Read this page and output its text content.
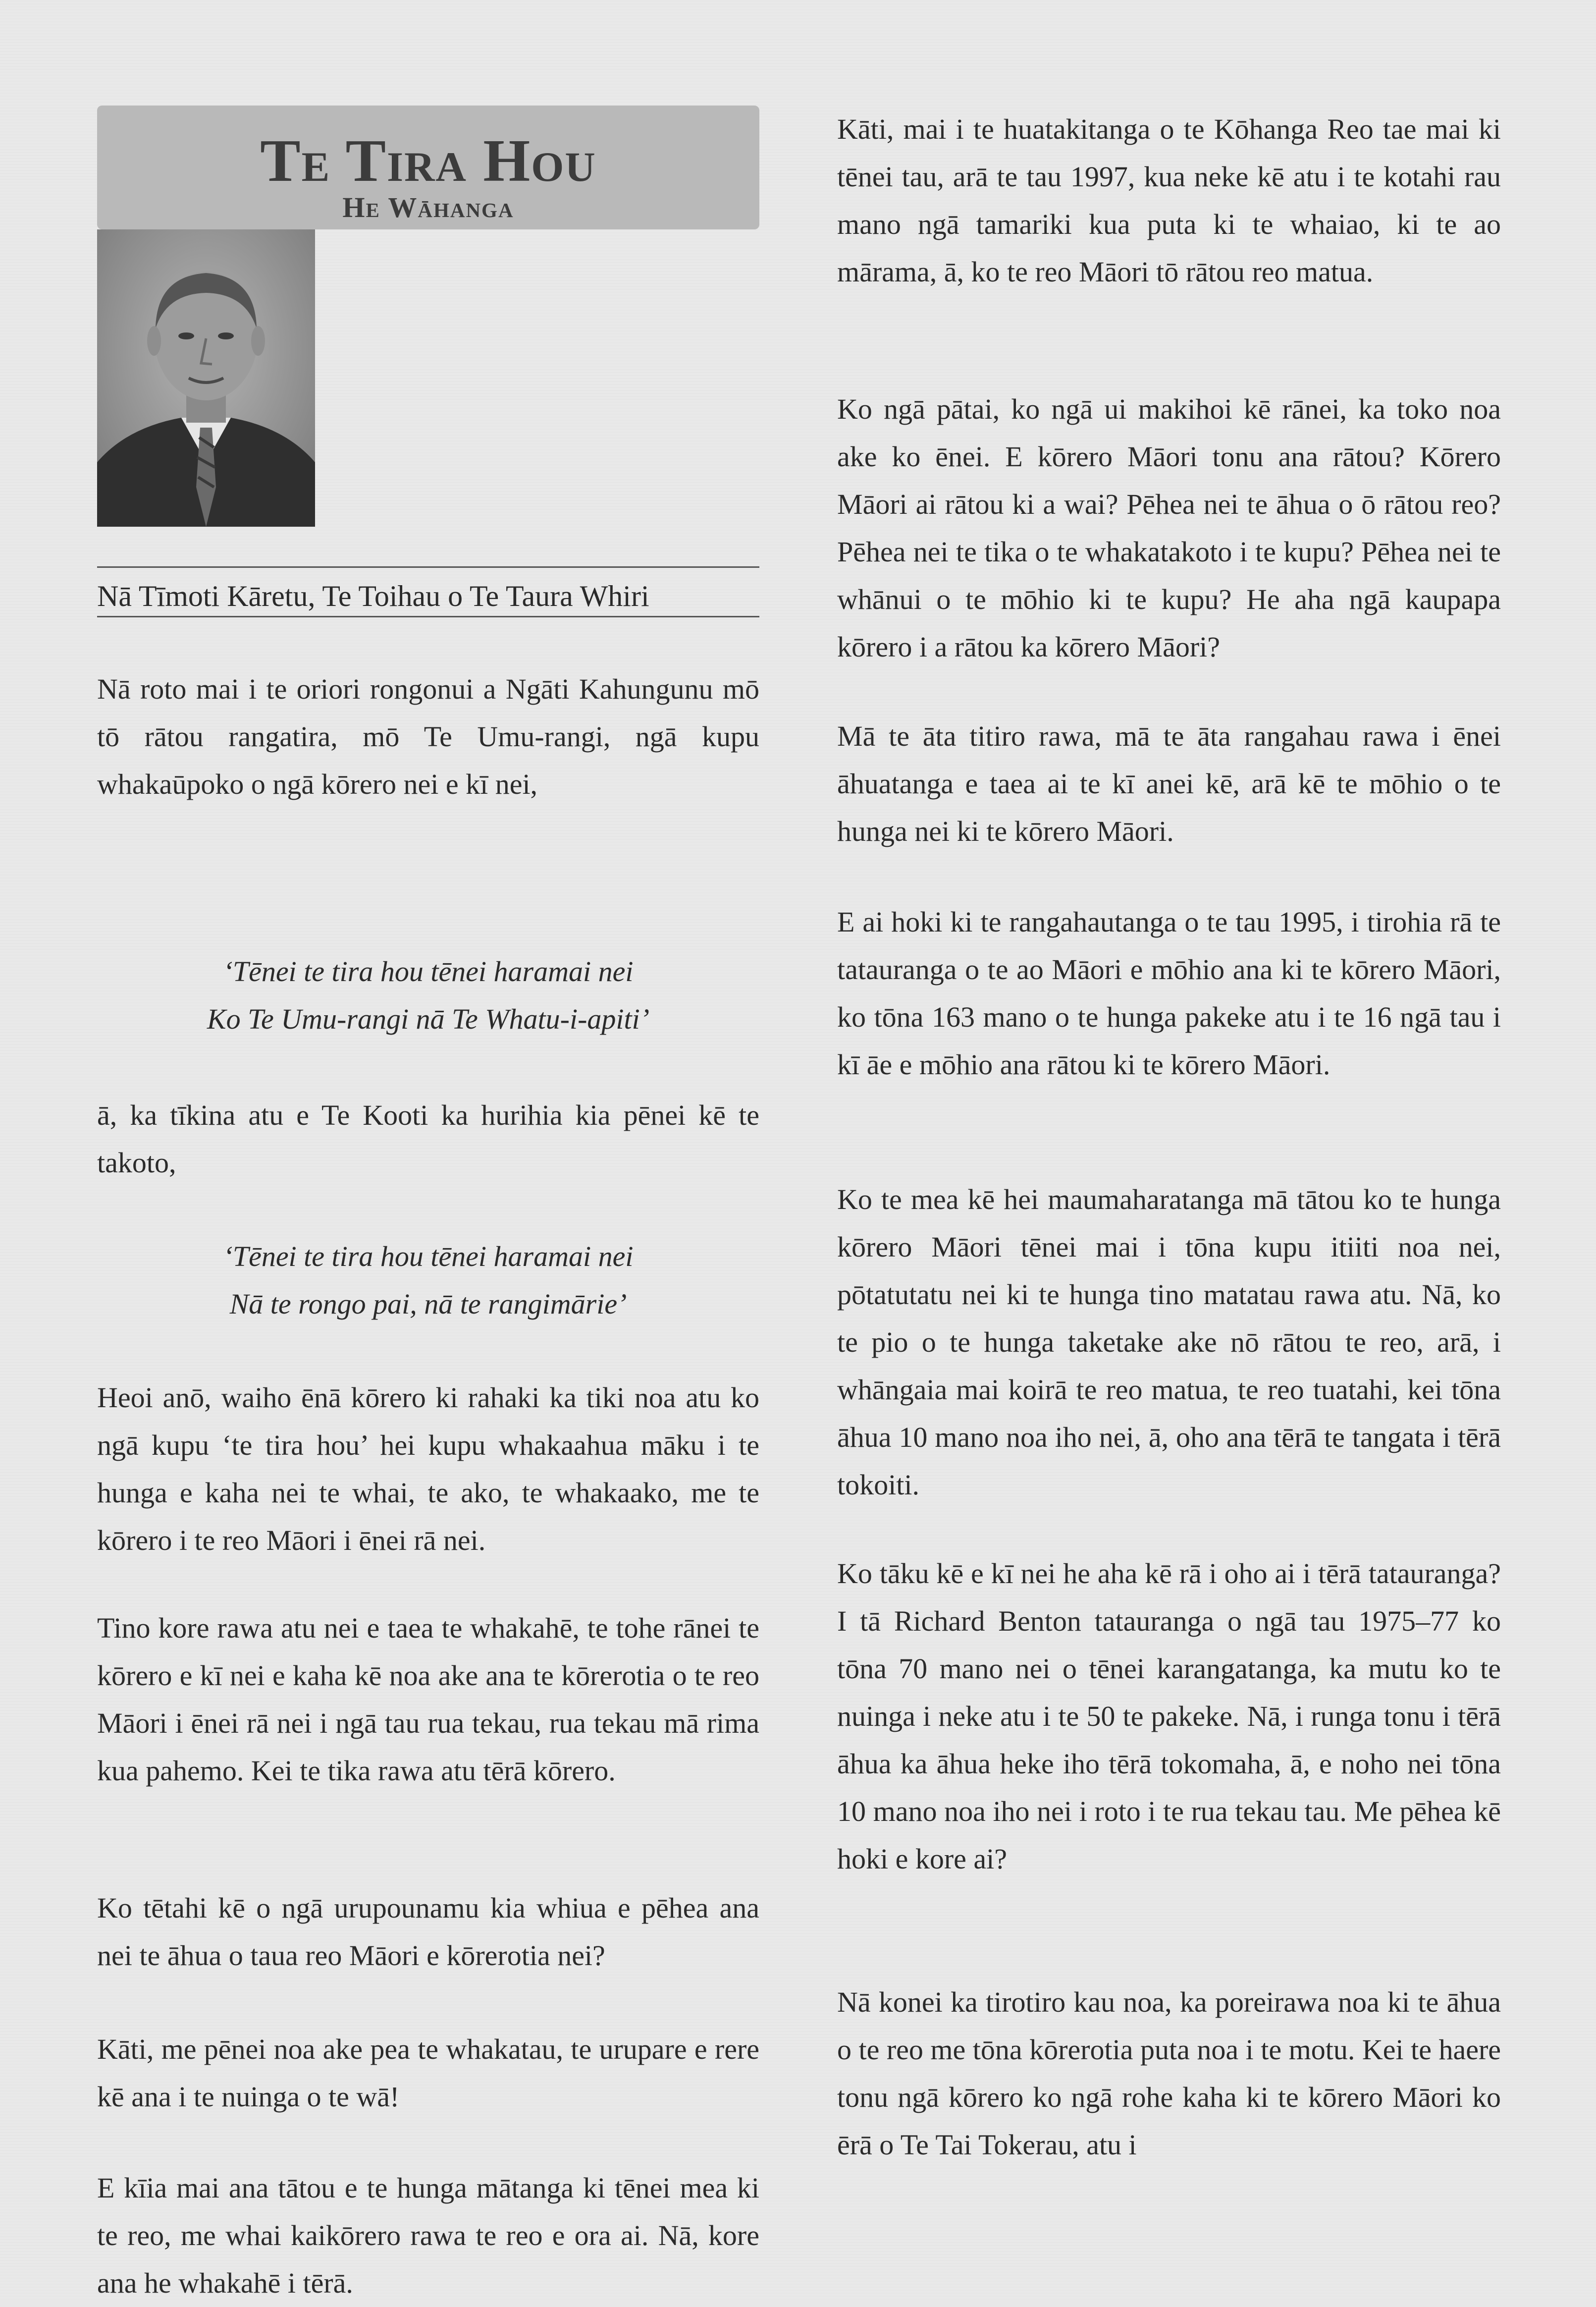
Te Tira Hou
He Wāhanga
Nā Tīmoti Kāretu, Te Toihau o Te Taura Whiri

Nā roto mai i te oriori rongonui a Ngāti Kahungunu mō tō rātou rangatira, mō Te Umu-rangi, ngā kupu whakaūpoko o ngā kōrero nei e kī nei,

‘Tēnei te tira hou tēnei haramai nei

Ko Te Umu-rangi nā Te Whatu-i-apiti’

ā, ka tīkina atu e Te Kooti ka hurihia kia pēnei kē te takoto,

‘Tēnei te tira hou tēnei haramai nei

Nā te rongo pai, nā te rangimārie’

Heoi anō, waiho ēnā kōrero ki rahaki ka tiki noa atu ko ngā kupu ‘te tira hou’ hei kupu whakaahua māku i te hunga e kaha nei te whai, te ako, te whakaako, me te kōrero i te reo Māori i ēnei rā nei.

Tino kore rawa atu nei e taea te whakahē, te tohe rānei te kōrero e kī nei e kaha kē noa ake ana te kōrerotia o te reo Māori i ēnei rā nei i ngā tau rua tekau, rua tekau mā rima kua pahemo. Kei te tika rawa atu tērā kōrero.

Ko tētahi kē o ngā urupounamu kia whiua e pēhea ana nei te āhua o taua reo Māori e kōrerotia nei?

Kāti, me pēnei noa ake pea te whakatau, te urupare e rere kē ana i te nuinga o te wā!

E kīia mai ana tātou e te hunga mātanga ki tēnei mea ki te reo, me whai kaikōrero rawa te reo e ora ai. Nā, kore ana he whakahē i tērā.

Kāti, mai i te huatakitanga o te Kōhanga Reo tae mai ki tēnei tau, arā te tau 1997, kua neke kē atu i te kotahi rau mano ngā tamariki kua puta ki te whaiao, ki te ao mārama, ā, ko te reo Māori tō rātou reo matua.

Ko ngā pātai, ko ngā ui makihoi kē rānei, ka toko noa ake ko ēnei. E kōrero Māori tonu ana rātou? Kōrero Māori ai rātou ki a wai? Pēhea nei te āhua o ō rātou reo? Pēhea nei te tika o te whakatakoto i te kupu? Pēhea nei te whānui o te mōhio ki te kupu? He aha ngā kaupapa kōrero i a rātou ka kōrero Māori?

Mā te āta titiro rawa, mā te āta rangahau rawa i ēnei āhuatanga e taea ai te kī anei kē, arā kē te mōhio o te hunga nei ki te kōrero Māori.

E ai hoki ki te rangahautanga o te tau 1995, i tirohia rā te tatauranga o te ao Māori e mōhio ana ki te kōrero Māori, ko tōna 163 mano o te hunga pakeke atu i te 16 ngā tau i kī āe e mōhio ana rātou ki te kōrero Māori.

Ko te mea kē hei maumaharatanga mā tātou ko te hunga kōrero Māori tēnei mai i tōna kupu itiiti noa nei, pōtatutatu nei ki te hunga tino matatau rawa atu. Nā, ko te pio o te hunga taketake ake nō rātou te reo, arā, i whāngaia mai koirā te reo matua, te reo tuatahi, kei tōna āhua 10 mano noa iho nei, ā, oho ana tērā te tangata i tērā tokoiti.

Ko tāku kē e kī nei he aha kē rā i oho ai i tērā tatauranga? I tā Richard Benton tatauranga o ngā tau 1975–77 ko tōna 70 mano nei o tēnei karangatanga, ka mutu ko te nuinga i neke atu i te 50 te pakeke. Nā, i runga tonu i tērā āhua ka āhua heke iho tērā tokomaha, ā, e noho nei tōna 10 mano noa iho nei i roto i te rua tekau tau. Me pēhea kē hoki e kore ai?

Nā konei ka tirotiro kau noa, ka poreirawa noa ki te āhua o te reo me tōna kōrerotia puta noa i te motu. Kei te haere tonu ngā kōrero ko ngā rohe kaha ki te kōrero Māori ko ērā o Te Tai Tokerau, atu i
